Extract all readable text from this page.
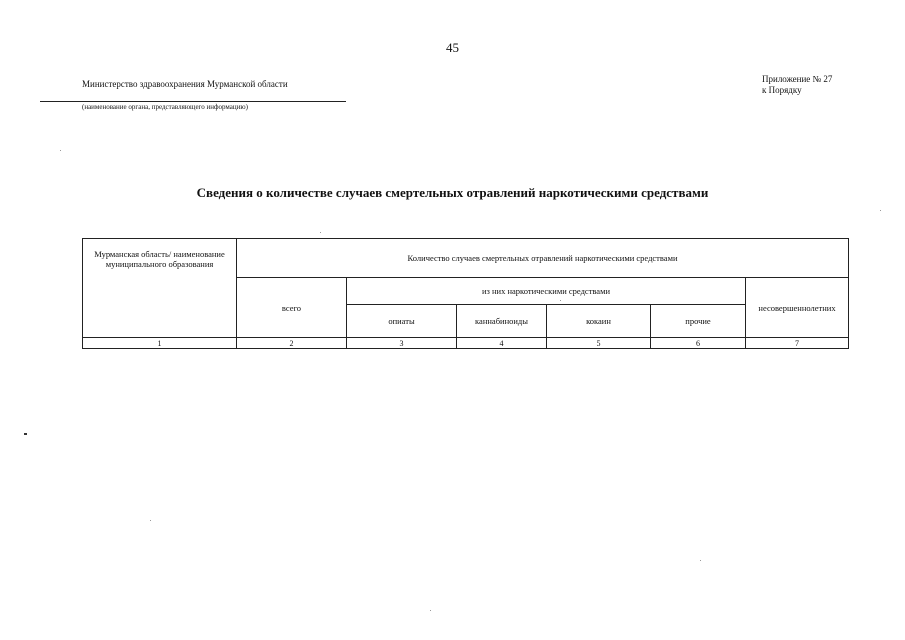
45
Министерство здравоохранения Мурманской области
(наименование органа, представляющего информацию)
Приложение № 27
к Порядку
Сведения о количестве случаев смертельных отравлений наркотическими средствами
Мурманская область/ наименование муниципального образования	Количество случаев смертельных отравлений наркотическими средствами					
	всего	из них наркотическими средствами				несовершеннолетних
		опиаты	каннабиноиды	кокаин	прочие	
1	2	3	4	5	6	7
